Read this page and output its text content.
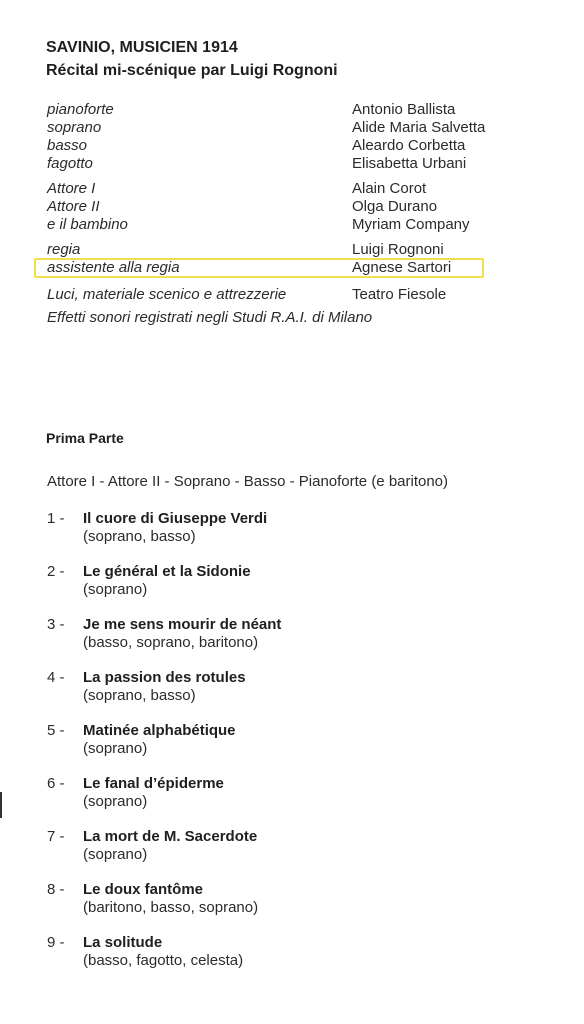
SAVINIO, MUSICIEN 1914
Récital mi-scénique par Luigi Rognoni
pianoforte	Antonio Ballista
soprano	Alide Maria Salvetta
basso	Aleardo Corbetta
fagotto	Elisabetta Urbani
Attore I	Alain Corot
Attore II	Olga Durano
e il bambino	Myriam Company
regia	Luigi Rognoni
assistente alla regia	Agnese Sartori
Luci, materiale scenico e attrezzerie	Teatro Fiesole
Effetti sonori registrati negli Studi R.A.I. di Milano
Prima Parte
Attore I - Attore II - Soprano - Basso - Pianoforte (e baritono)
1 - Il cuore di Giuseppe Verdi
(soprano, basso)
2 - Le général et la Sidonie
(soprano)
3 - Je me sens mourir de néant
(basso, soprano, baritono)
4 - La passion des rotules
(soprano, basso)
5 - Matinée alphabétique
(soprano)
6 - Le fanal d’épiderme
(soprano)
7 - La mort de M. Sacerdote
(soprano)
8 - Le doux fantôme
(baritono, basso, soprano)
9 - La solitude
(basso, fagotto, celesta)
